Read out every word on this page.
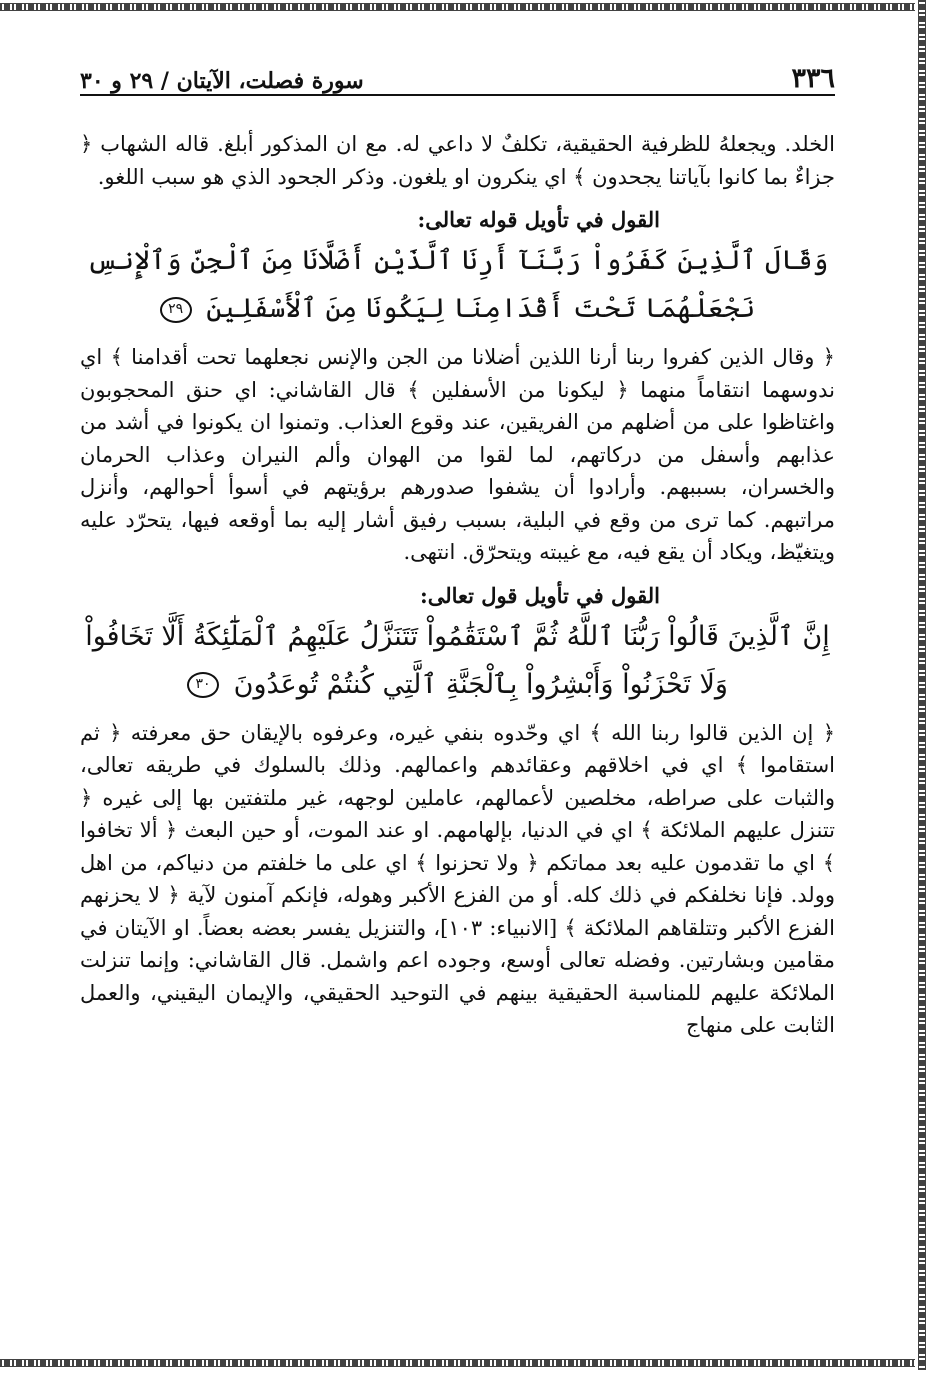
٣٣٦
سورة فصلت، الآيتان / ٢٩ و ٣٠

الخلد. ويجعلهُ للظرفية الحقيقية، تكلفٌ لا داعي له. مع ان المذكور أبلغ. قاله الشهاب ﴿ جزاءٌ بما كانوا بآياتنا يجحدون ﴾ اي ينكرون او يلغون. وذكر الجحود الذي هو سبب اللغو.

القول في تأويل قوله تعالى:
وَقَالَ ٱلَّذِينَ كَفَرُواْ رَبَّنَآ أَرِنَا ٱلَّذَيْنِ أَضَلَّانَا مِنَ ٱلْجِنِّ وَٱلْإِنسِ نَجْعَلْهُمَا تَحْتَ أَقْدَامِنَا لِيَكُونَا مِنَ ٱلْأَسْفَلِينَ ٢٩

﴿ وقال الذين كفروا ربنا أرنا اللذين أضلانا من الجن والإنس نجعلهما تحت أقدامنا ﴾ اي ندوسهما انتقاماً منهما ﴿ ليكونا من الأسفلين ﴾ قال القاشاني: اي حنق المحجوبون واغتاظوا على من أضلهم من الفريقين، عند وقوع العذاب. وتمنوا ان يكونوا في أشد من عذابهم وأسفل من دركاتهم، لما لقوا من الهوان وألم النيران وعذاب الحرمان والخسران، بسببهم. وأرادوا أن يشفوا صدورهم برؤيتهم في أسوأ أحوالهم، وأنزل مراتبهم. كما ترى من وقع في البلية، بسبب رفيق أشار إليه بما أوقعه فيها، يتحرّد عليه ويتغيّظ، ويكاد أن يقع فيه، مع غيبته ويتحرّق. انتهى.

القول في تأويل قول تعالى:
إِنَّ ٱلَّذِينَ قَالُواْ رَبُّنَا ٱللَّهُ ثُمَّ ٱسْتَقَٰمُواْ تَتَنَزَّلُ عَلَيْهِمُ ٱلْمَلَٰٓئِكَةُ أَلَّا تَخَافُواْ وَلَا تَحْزَنُواْ وَأَبْشِرُواْ بِٱلْجَنَّةِ ٱلَّتِي كُنتُمْ تُوعَدُونَ ٣٠

﴿ إن الذين قالوا ربنا الله ﴾ اي وحّدوه بنفي غيره، وعرفوه بالإيقان حق معرفته ﴿ ثم استقاموا ﴾ اي في اخلاقهم وعقائدهم واعمالهم. وذلك بالسلوك في طريقه تعالى، والثبات على صراطه، مخلصين لأعمالهم، عاملين لوجهه، غير ملتفتين بها إلى غيره ﴿ تتنزل عليهم الملائكة ﴾ اي في الدنيا، بإلهامهم. او عند الموت، أو حين البعث ﴿ ألا تخافوا ﴾ اي ما تقدمون عليه بعد مماتكم ﴿ ولا تحزنوا ﴾ اي على ما خلفتم من دنياكم، من اهل وولد. فإنا نخلفكم في ذلك كله. أو من الفزع الأكبر وهوله، فإنكم آمنون لآية ﴿ لا يحزنهم الفزع الأكبر وتتلقاهم الملائكة ﴾ [الانبياء: ١٠٣]، والتنزيل يفسر بعضه بعضاً. او الآيتان في مقامين وبشارتين. وفضله تعالى أوسع، وجوده اعم واشمل. قال القاشاني: وإنما تنزلت الملائكة عليهم للمناسبة الحقيقية بينهم في التوحيد الحقيقي، والإيمان اليقيني، والعمل الثابت على منهاج
